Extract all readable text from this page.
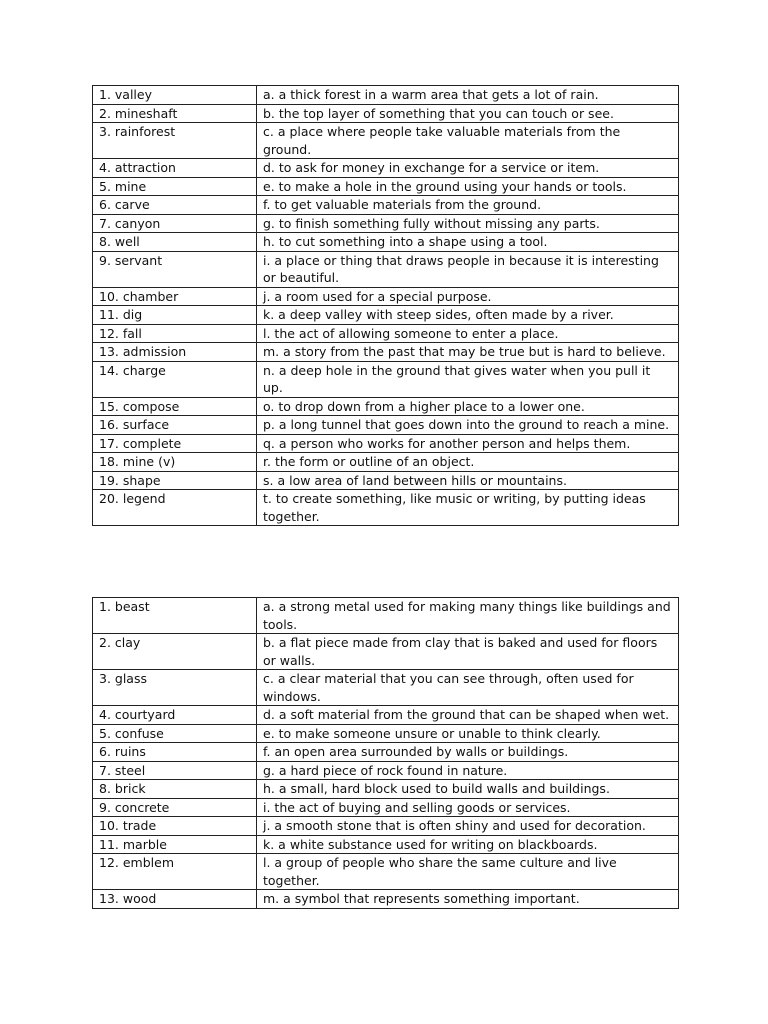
1. valley	a. a thick forest in a warm area that gets a lot of rain.
2. mineshaft	b. the top layer of something that you can touch or see.
3. rainforest	c. a place where people take valuable materials from the ground.
4. attraction	d. to ask for money in exchange for a service or item.
5. mine	e. to make a hole in the ground using your hands or tools.
6. carve	f. to get valuable materials from the ground.
7. canyon	g. to finish something fully without missing any parts.
8. well	h. to cut something into a shape using a tool.
9. servant	i. a place or thing that draws people in because it is interesting or beautiful.
10. chamber	j. a room used for a special purpose.
11. dig	k. a deep valley with steep sides, often made by a river.
12. fall	l. the act of allowing someone to enter a place.
13. admission	m. a story from the past that may be true but is hard to believe.
14. charge	n. a deep hole in the ground that gives water when you pull it up.
15. compose	o. to drop down from a higher place to a lower one.
16. surface	p. a long tunnel that goes down into the ground to reach a mine.
17. complete	q. a person who works for another person and helps them.
18. mine (v)	r. the form or outline of an object.
19. shape	s. a low area of land between hills or mountains.
20. legend	t. to create something, like music or writing, by putting ideas together.
1. beast	a. a strong metal used for making many things like buildings and tools.
2. clay	b. a flat piece made from clay that is baked and used for floors or walls.
3. glass	c. a clear material that you can see through, often used for windows.
4. courtyard	d. a soft material from the ground that can be shaped when wet.
5. confuse	e. to make someone unsure or unable to think clearly.
6. ruins	f. an open area surrounded by walls or buildings.
7. steel	g. a hard piece of rock found in nature.
8. brick	h. a small, hard block used to build walls and buildings.
9. concrete	i. the act of buying and selling goods or services.
10. trade	j. a smooth stone that is often shiny and used for decoration.
11. marble	k. a white substance used for writing on blackboards.
12. emblem	l. a group of people who share the same culture and live together.
13. wood	m. a symbol that represents something important.
